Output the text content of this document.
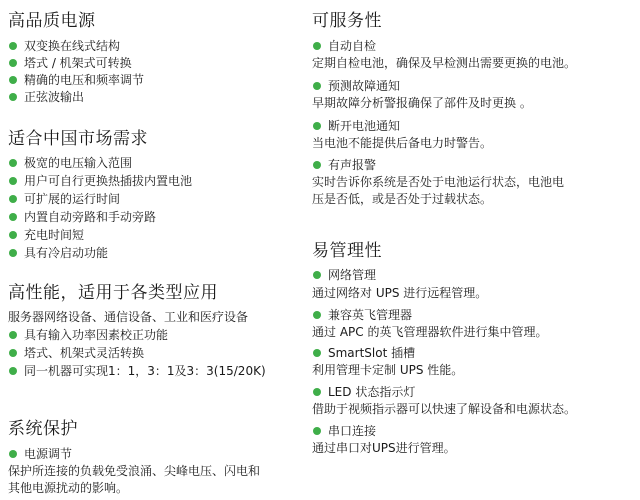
高品质电源
双变换在线式结构
塔式 / 机架式可转换
精确的电压和频率调节
正弦波输出
适合中国市场需求
极宽的电压输入范围
用户可自行更换热插拔内置电池
可扩展的运行时间
内置自动旁路和手动旁路
充电时间短
具有冷启动功能
高性能，适用于各类型应用
服务器网络设备、通信设备、工业和医疗设备
具有输入功率因素校正功能
塔式、机架式灵活转换
同一机器可实现1：1，3：1及3：3(15/20K)
系统保护
电源调节
保护所连接的负载免受浪涌、尖峰电压、闪电和
其他电源扰动的影响。
可服务性
自动自检
定期自检电池，确保及早检测出需要更换的电池。
预测故障通知
早期故障分析警报确保了部件及时更换 。
断开电池通知
当电池不能提供后备电力时警告。
有声报警
实时告诉你系统是否处于电池运行状态，电池电
压是否低，或是否处于过载状态。
易管理性
网络管理
通过网络对 UPS 进行远程管理。
兼容英飞管理器
通过 APC 的英飞管理器软件进行集中管理。
SmartSlot 插槽
利用管理卡定制 UPS 性能。
LED 状态指示灯
借助于视频指示器可以快速了解设备和电源状态。
串口连接
通过串口对UPS进行管理。
